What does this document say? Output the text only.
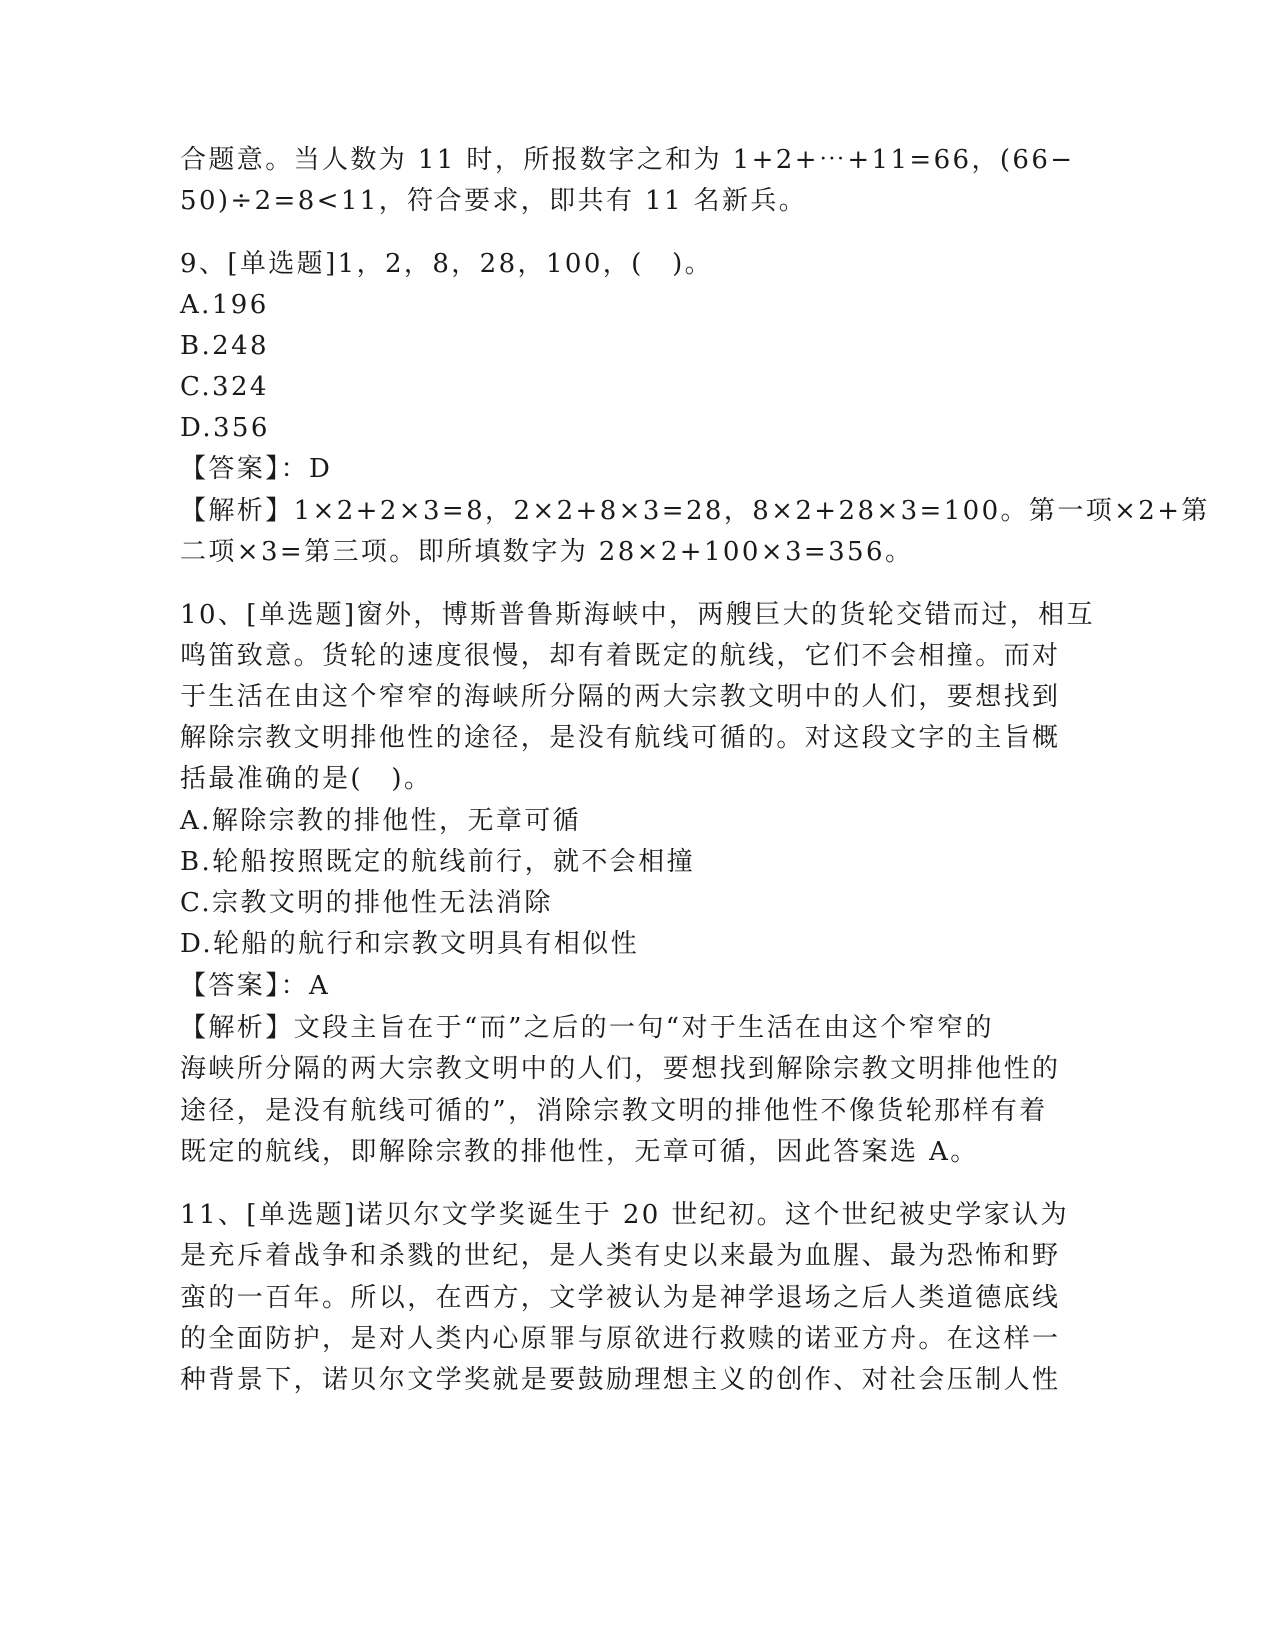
合题意。当人数为 11 时，所报数字之和为 1+2+⋯+11=66，(66−
50)÷2=8<11，符合要求，即共有 11 名新兵。
9、[单选题]1，2，8，28，100，(　)。
A.196
B.248
C.324
D.356
【答案】：D
【解析】1×2+2×3=8，2×2+8×3=28，8×2+28×3=100。第一项×2+第
二项×3=第三项。即所填数字为 28×2+100×3=356。
10、[单选题]窗外，博斯普鲁斯海峡中，两艘巨大的货轮交错而过，相互
鸣笛致意。货轮的速度很慢，却有着既定的航线，它们不会相撞。而对
于生活在由这个窄窄的海峡所分隔的两大宗教文明中的人们，要想找到
解除宗教文明排他性的途径，是没有航线可循的。对这段文字的主旨概
括最准确的是(　)。
A.解除宗教的排他性，无章可循
B.轮船按照既定的航线前行，就不会相撞
C.宗教文明的排他性无法消除
D.轮船的航行和宗教文明具有相似性
【答案】：A
【解析】文段主旨在于“而”之后的一句“对于生活在由这个窄窄的
海峡所分隔的两大宗教文明中的人们，要想找到解除宗教文明排他性的
途径，是没有航线可循的”，消除宗教文明的排他性不像货轮那样有着
既定的航线，即解除宗教的排他性，无章可循，因此答案选 A。
11、[单选题]诺贝尔文学奖诞生于 20 世纪初。这个世纪被史学家认为
是充斥着战争和杀戮的世纪，是人类有史以来最为血腥、最为恐怖和野
蛮的一百年。所以，在西方，文学被认为是神学退场之后人类道德底线
的全面防护，是对人类内心原罪与原欲进行救赎的诺亚方舟。在这样一
种背景下，诺贝尔文学奖就是要鼓励理想主义的创作、对社会压制人性
